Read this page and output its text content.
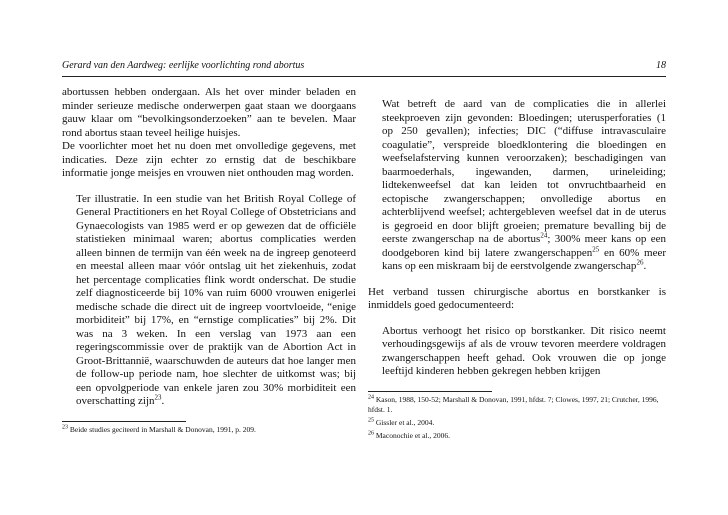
Gerard van den Aardweg: eerlijke voorlichting rond abortus	18

abortussen hebben ondergaan. Als het over minder beladen en minder serieuze medische onderwerpen gaat staan we doorgaans gauw klaar om “bevolkingsonderzoeken” aan te bevelen. Maar rond abortus staan teveel heilige huisjes.

De voorlichter moet het nu doen met onvolledige gegevens, met indicaties. Deze zijn echter zo ernstig dat de beschikbare informatie jonge meisjes en vrouwen niet onthouden mag worden.

Ter illustratie. In een studie van het British Royal College of General Practitioners en het Royal College of Obstetricians and Gynaecologists van 1985 werd er op gewezen dat de officiële statistieken minimaal waren; abortus complicaties werden alleen binnen de termijn van één week na de ingreep genoteerd en meestal alleen maar vóór ontslag uit het ziekenhuis, zodat het percentage complicaties flink wordt onderschat. De studie zelf diagnosticeerde bij 10% van ruim 6000 vrouwen enigerlei medische schade die direct uit de ingreep voortvloeide, “enige morbiditeit” bij 17%, en “ernstige complicaties” bij 2%. Dit was na 3 weken. In een verslag van 1973 aan een regeringscommissie over de praktijk van de Abortion Act in Groot-Brittannië, waarschuwden de auteurs dat hoe langer men de follow-up periode nam, hoe slechter de uitkomst was; bij een opvolgperiode van enkele jaren zou 30% morbiditeit een overschatting zijn$^{23}$.

$^{23}$ Beide studies geciteerd in Marshall & Donovan, 1991, p. 209.

Wat betreft de aard van de complicaties die in allerlei steekproeven zijn gevonden: Bloedingen; uterusperforaties (1 op 250 gevallen); infecties; DIC (“diffuse intravasculaire coagulatie”, verspreide bloedklontering die bloedingen en weefselafsterving kunnen veroorzaken); beschadigingen van baarmoederhals, ingewanden, darmen, urineleiding; lidtekenweefsel dat kan leiden tot onvruchtbaarheid en ectopische zwangerschappen; onvolledige abortus en achterblijvend weefsel; achtergebleven weefsel dat in de uterus is gegroeid en door blijft groeien; premature bevalling bij de eerste zwangerschap na de abortus$^{24}$; 300% meer kans op een doodgeboren kind bij latere zwangerschappen$^{25}$ en 60% meer kans op een miskraam bij de eerstvolgende zwangerschap$^{26}$.

Het verband tussen chirurgische abortus en borstkanker is inmiddels goed gedocumenteerd:

Abortus verhoogt het risico op borstkanker. Dit risico neemt verhoudingsgewijs af als de vrouw tevoren meerdere voldragen zwangerschappen heeft gehad. Ook vrouwen die op jonge leeftijd kinderen hebben gekregen hebben krijgen

$^{24}$ Kason, 1988, 150-52; Marshall & Donovan, 1991, hfdst. 7; Clowes, 1997, 21; Crutcher, 1996, hfdst. 1.
$^{25}$ Gissler et al., 2004.
$^{26}$ Maconochie et al., 2006.
